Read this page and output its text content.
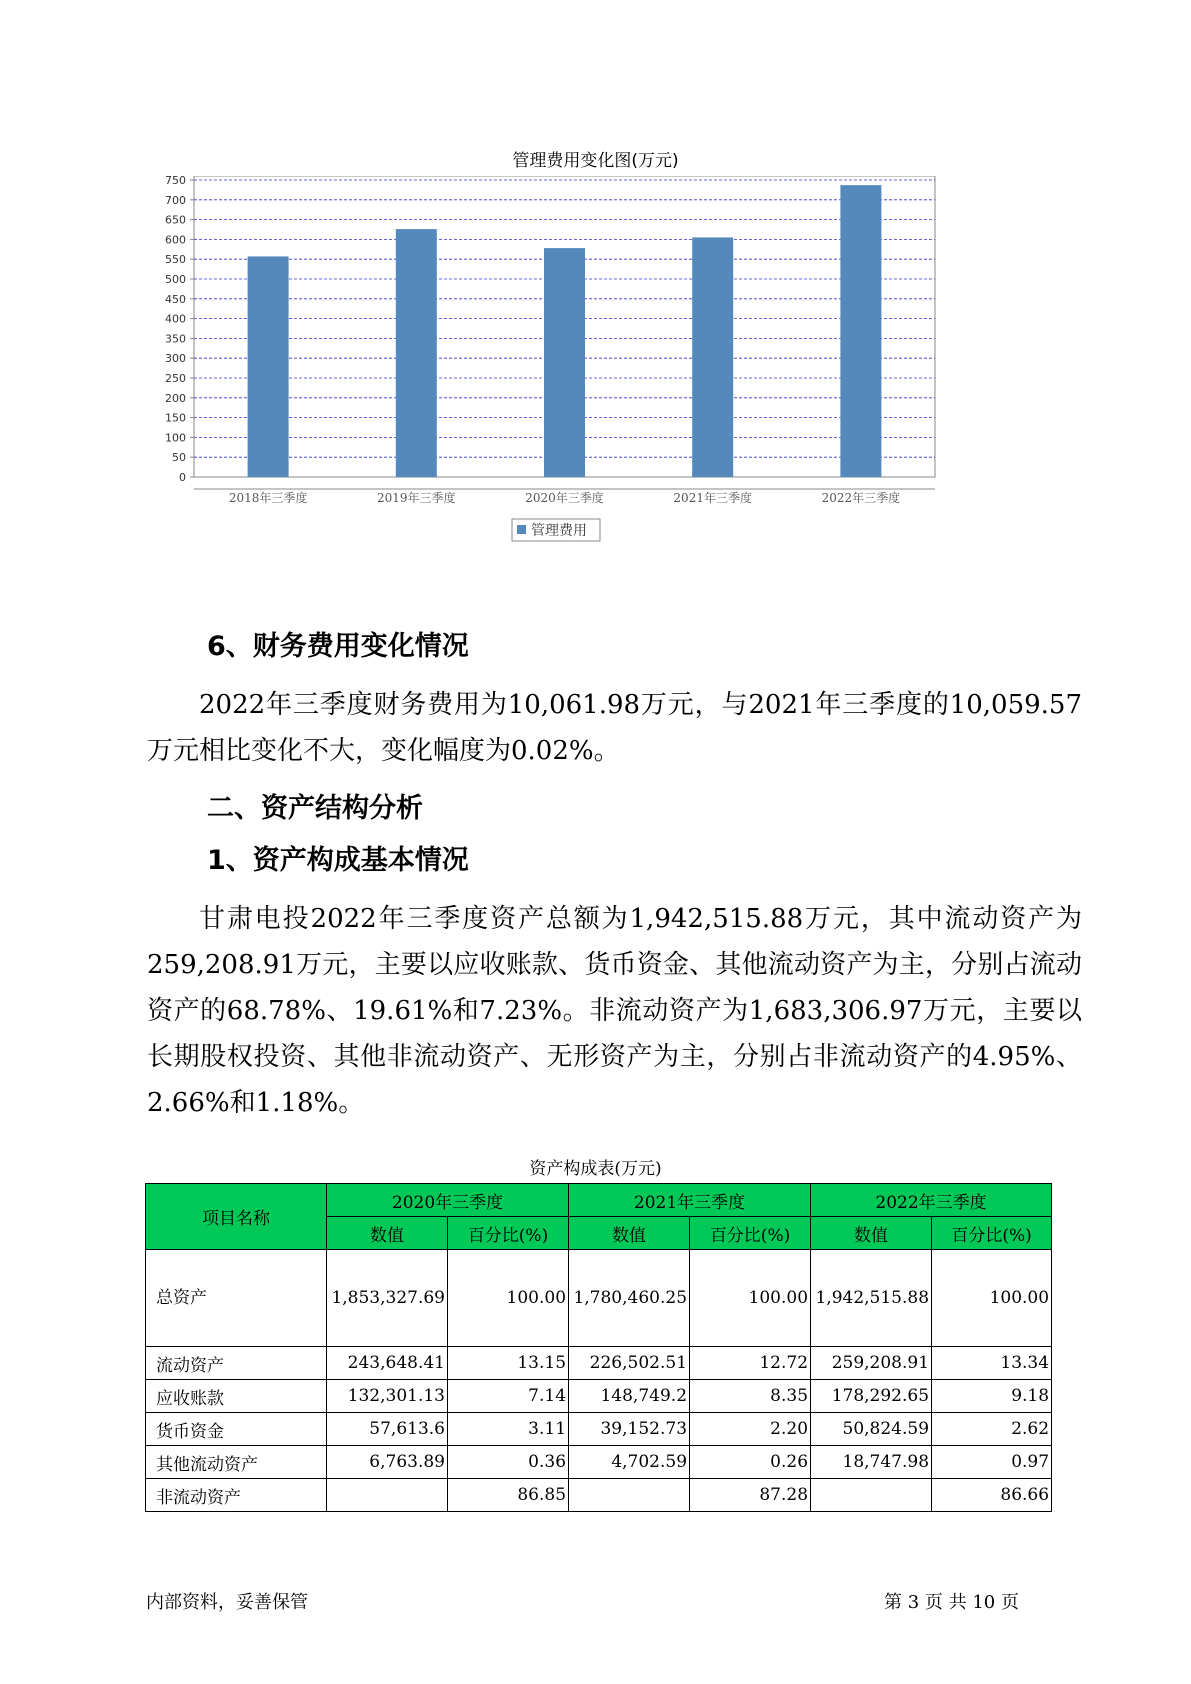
管理费用变化图(万元)
0
50
100
150
200
250
300
350
400
450
500
550
600
650
700
750
2018年三季度	2019年三季度	2020年三季度	2021年三季度	2022年三季度
管理费用
6、财务费用变化情况

2022年三季度财务费用为10,061.98万元，与2021年三季度的10,059.57万元相比变化不大，变化幅度为0.02%。

二、资产结构分析
1、资产构成基本情况

甘肃电投2022年三季度资产总额为1,942,515.88万元，其中流动资产为259,208.91万元，主要以应收账款、货币资金、其他流动资产为主，分别占流动资产的68.78%、19.61%和7.23%。非流动资产为1,683,306.97万元，主要以长期股权投资、其他非流动资产、无形资产为主，分别占非流动资产的4.95%、2.66%和1.18%。

资产构成表(万元)
项目名称	2020年三季度		2021年三季度		2022年三季度	
	数值	百分比(%)	数值	百分比(%)	数值	百分比(%)
总资产	1,853,327.69	100.00	1,780,460.25	100.00	1,942,515.88	100.00
流动资产	243,648.41	13.15	226,502.51	12.72	259,208.91	13.34
应收账款	132,301.13	7.14	148,749.2	8.35	178,292.65	9.18
货币资金	57,613.6	3.11	39,152.73	2.20	50,824.59	2.62
其他流动资产	6,763.89	0.36	4,702.59	0.26	18,747.98	0.97
非流动资产		86.85		87.28		86.66
内部资料，妥善保管	第 3 页 共 10 页
